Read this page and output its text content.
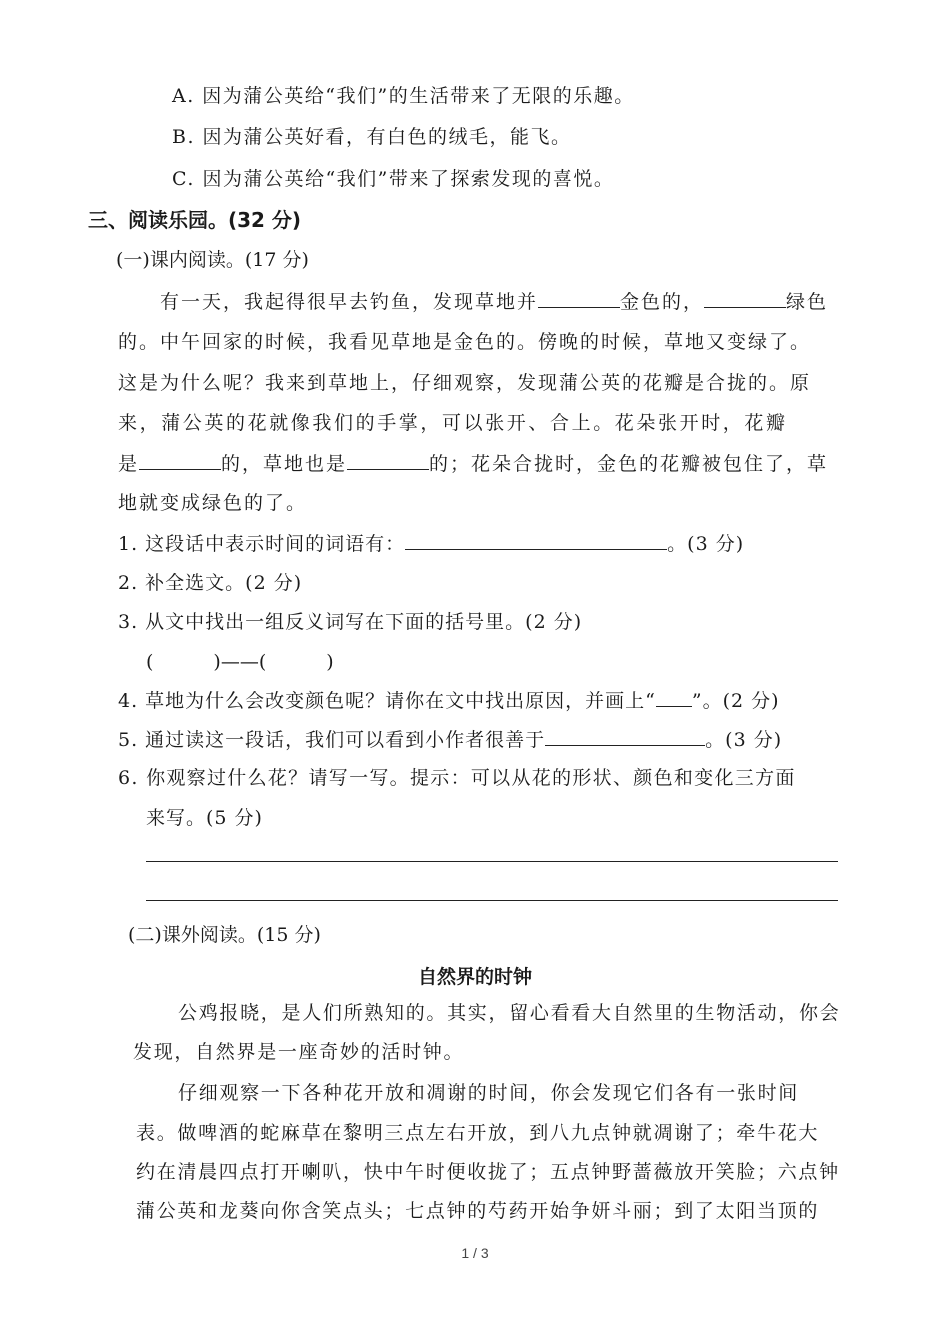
A. 因为蒲公英给“我们”的生活带来了无限的乐趣。
B. 因为蒲公英好看，有白色的绒毛，能飞。
C. 因为蒲公英给“我们”带来了探索发现的喜悦。
三、阅读乐园。(32 分)
(一)课内阅读。(17 分)
有一天，我起得很早去钓鱼，发现草地并	金色的，	绿色
的。中午回家的时候，我看见草地是金色的。傍晚的时候，草地又变绿了。
这是为什么呢？我来到草地上，仔细观察，发现蒲公英的花瓣是合拢的。原
来，蒲公英的花就像我们的手掌，可以张开、合上。花朵张开时，花瓣
是	的，草地也是	的；花朵合拢时，金色的花瓣被包住了，草
地就变成绿色的了。
1. 这段话中表示时间的词语有：	。(3 分)
2. 补全选文。(2 分)
3. 从文中找出一组反义词写在下面的括号里。(2 分)
(	)——(	)
4. 草地为什么会改变颜色呢？请你在文中找出原因，并画上“ ”。(2 分)
5. 通过读这一段话，我们可以看到小作者很善于	。(3 分)
6. 你观察过什么花？请写一写。提示：可以从花的形状、颜色和变化三方面
来写。(5 分)
(二)课外阅读。(15 分)
自然界的时钟
公鸡报晓，是人们所熟知的。其实，留心看看大自然里的生物活动，你会
发现，自然界是一座奇妙的活时钟。
仔细观察一下各种花开放和凋谢的时间，你会发现它们各有一张时间
表。做啤酒的蛇麻草在黎明三点左右开放，到八九点钟就凋谢了；牵牛花大
约在清晨四点打开喇叭，快中午时便收拢了；五点钟野蔷薇放开笑脸；六点钟
蒲公英和龙葵向你含笑点头；七点钟的芍药开始争妍斗丽；到了太阳当顶的
1 / 3
